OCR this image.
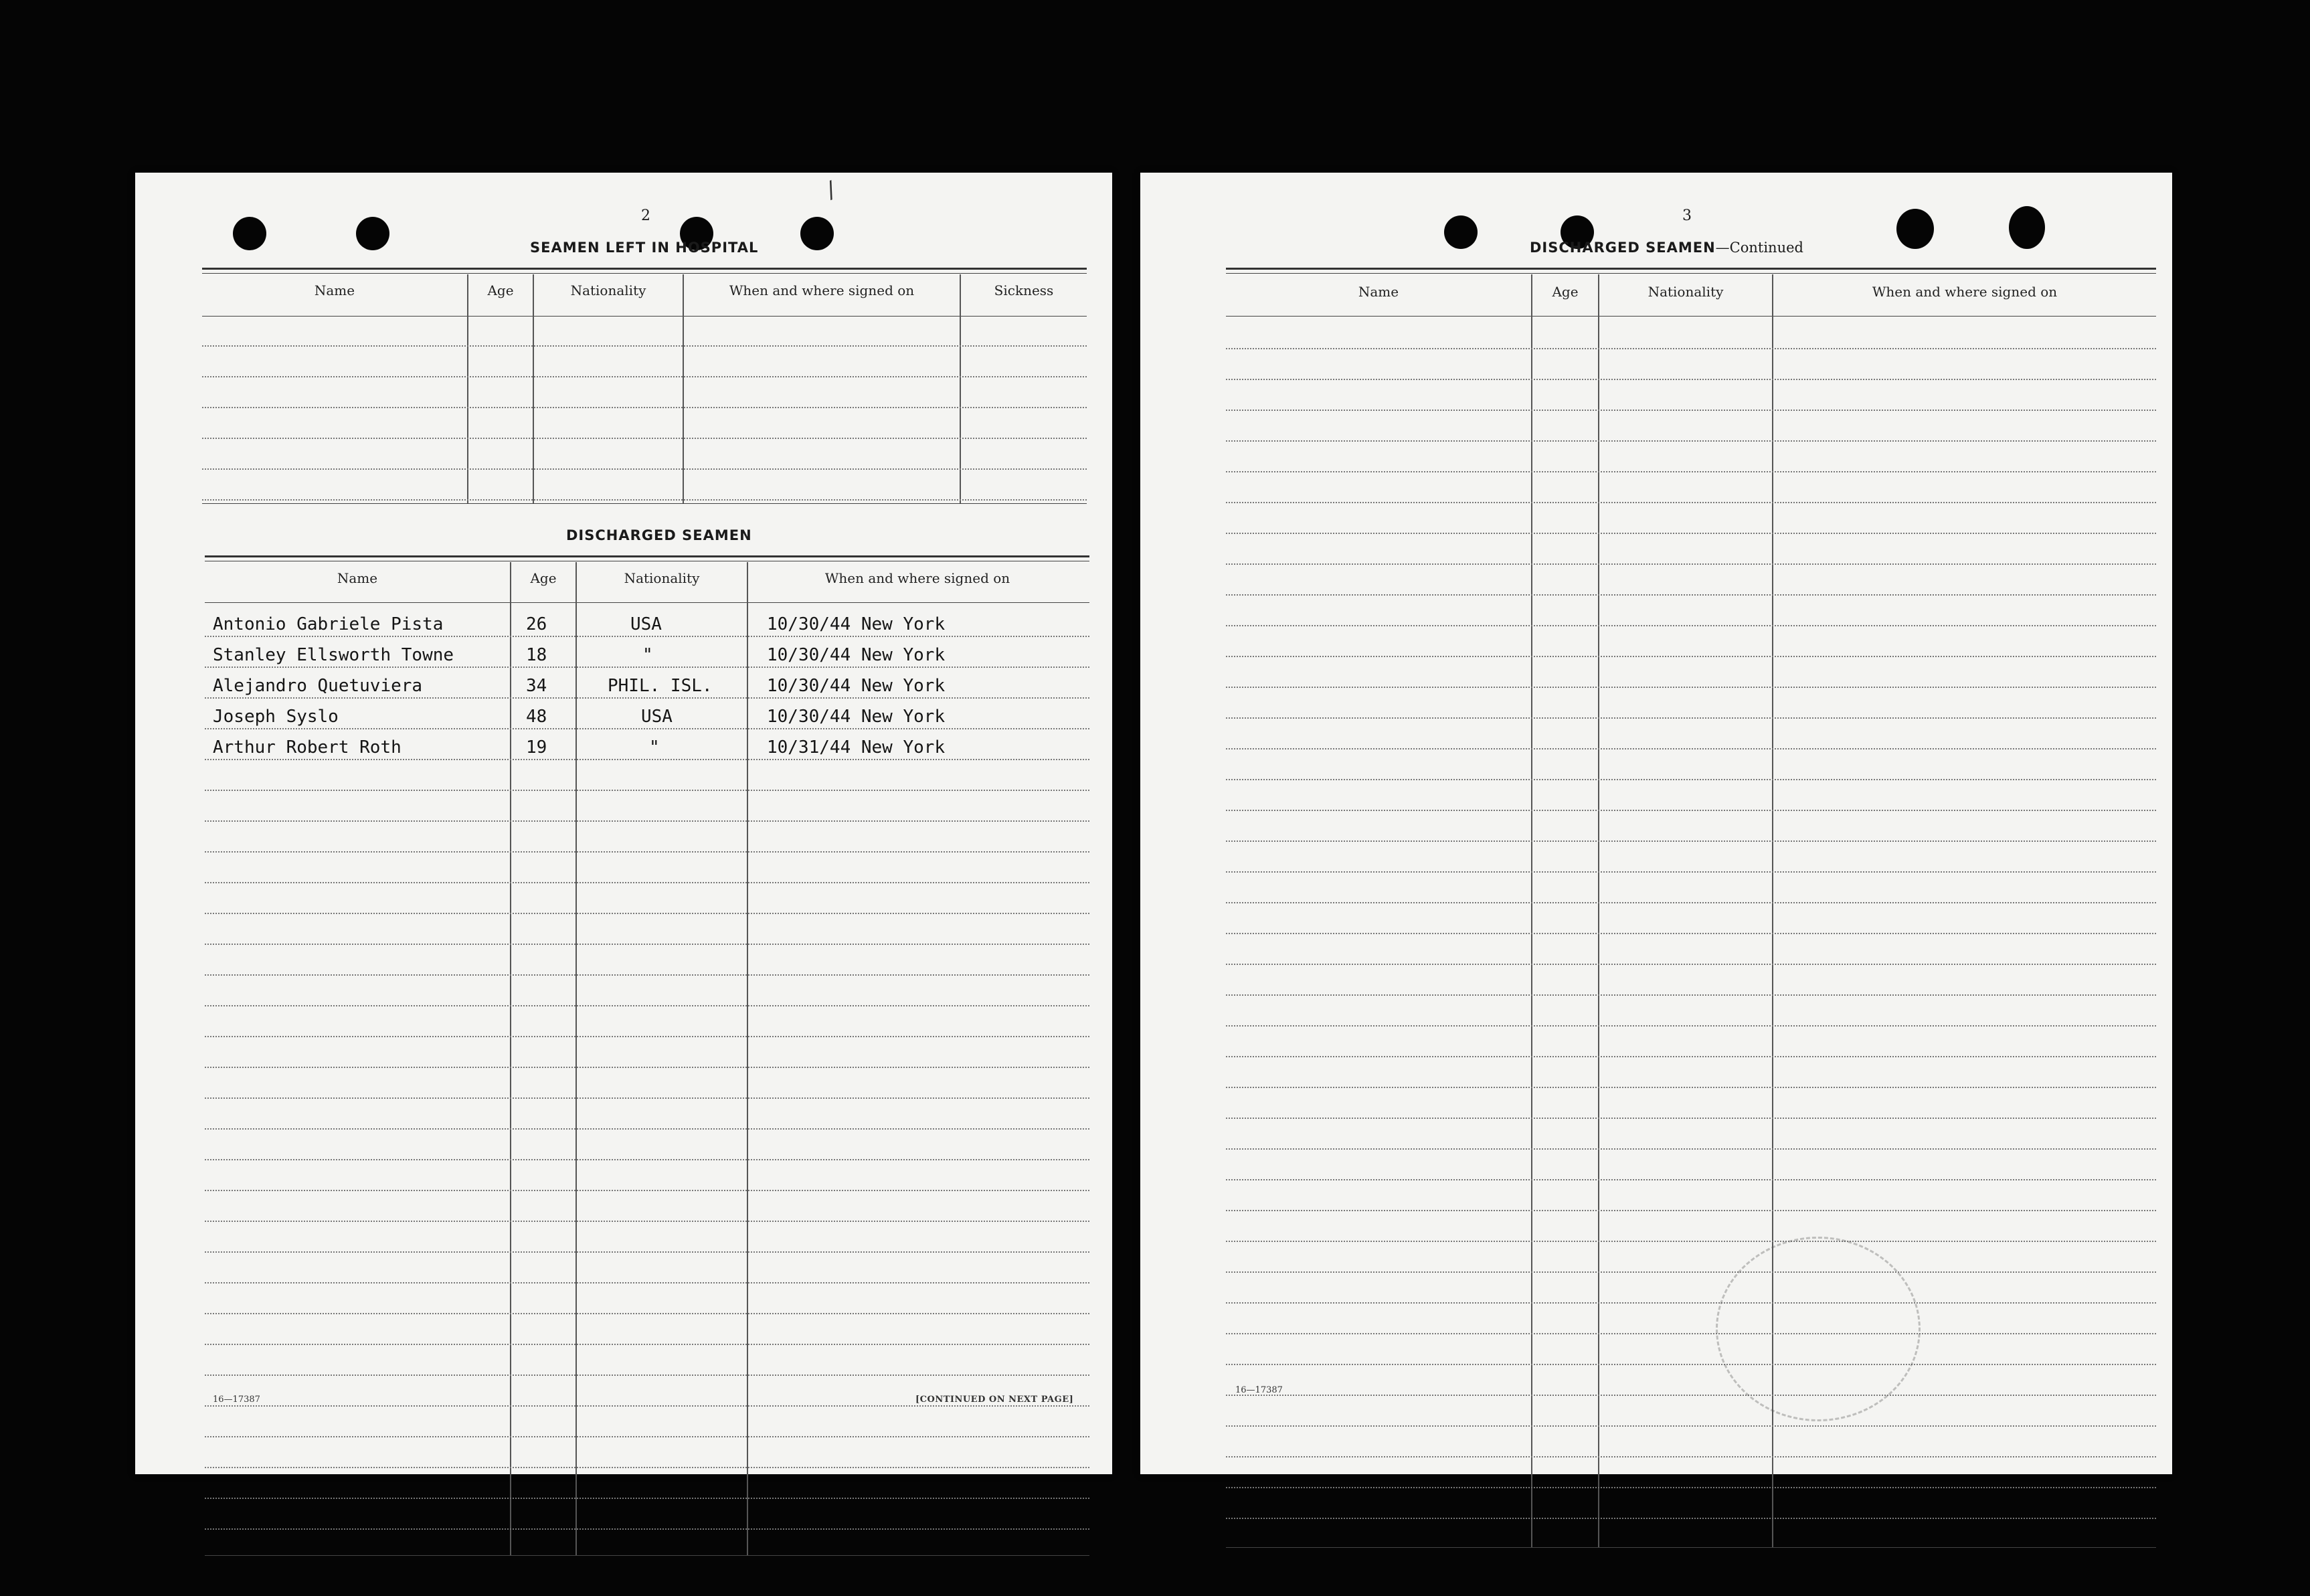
/
2
SEAMEN LEFT IN HOSPITAL
Name	Age	Nationality	When and where signed on	Sickness
DISCHARGED SEAMEN
Name	Age	Nationality	When and where signed on
Antonio Gabriele Pista	26	USA	10/30/44 New York
Stanley Ellsworth Towne	18	"	10/30/44 New York
Alejandro Quetuviera	34	PHIL. ISL.	10/30/44 New York
Joseph Syslo	48	USA	10/30/44 New York
Arthur Robert Roth	19	"	10/31/44 New York
16—17387	[CONTINUED ON NEXT PAGE]
3
DISCHARGED SEAMEN—Continued
Name	Age	Nationality	When and where signed on
16—17387
